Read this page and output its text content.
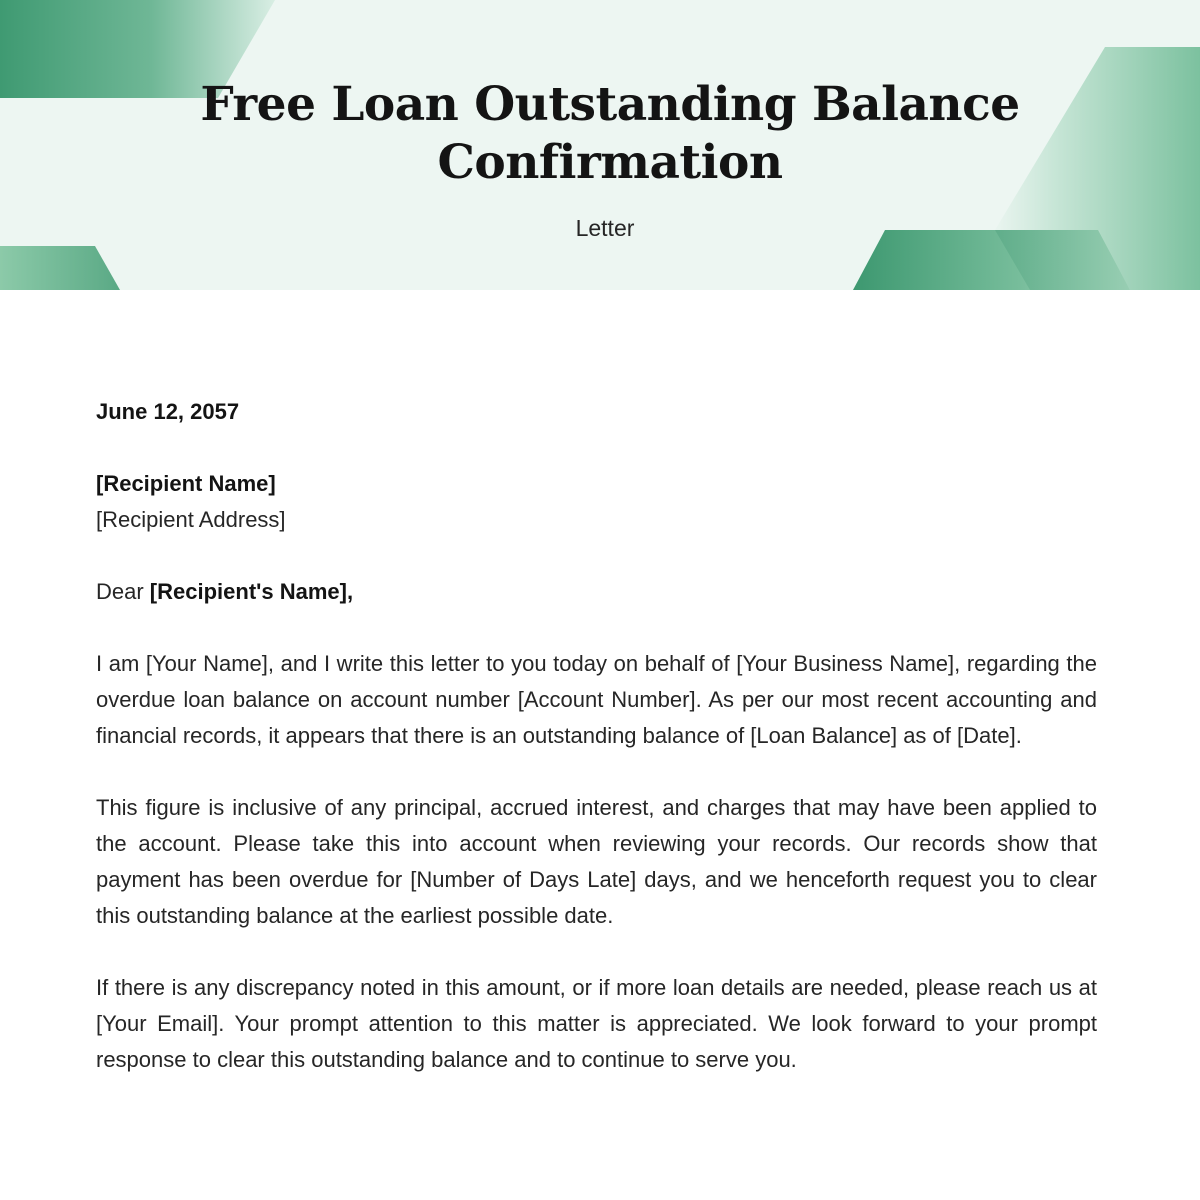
Free Loan Outstanding Balance
Confirmation
Letter

June 12, 2057

[Recipient Name]

[Recipient Address]

Dear [Recipient's Name],

I am [Your Name], and I write this letter to you today on behalf of [Your Business Name], regarding the overdue loan balance on account number [Account Number]. As per our most recent accounting and financial records, it appears that there is an outstanding balance of [Loan Balance] as of [Date].

This figure is inclusive of any principal, accrued interest, and charges that may have been applied to the account. Please take this into account when reviewing your records. Our records show that payment has been overdue for [Number of Days Late] days, and we henceforth request you to clear this outstanding balance at the earliest possible date.

If there is any discrepancy noted in this amount, or if more loan details are needed, please reach us at [Your Email]. Your prompt attention to this matter is appreciated. We look forward to your prompt response to clear this outstanding balance and to continue to serve you.
